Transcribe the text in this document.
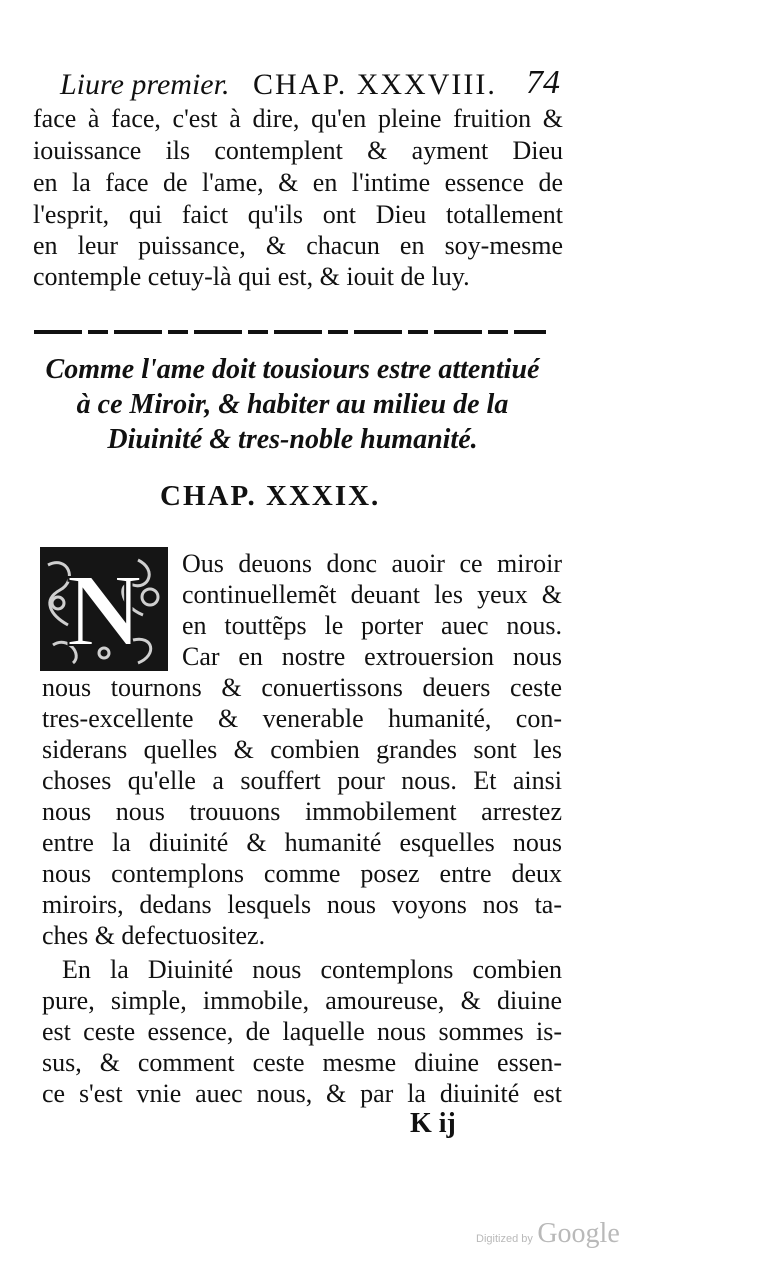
Liure premier. CHAP. XXXVIII. 74
face à face, c'est à dire, qu'en pleine fruition &
iouissance ils contemplent & ayment Dieu
en la face de l'ame, & en l'intime essence de
l'esprit, qui faict qu'ils ont Dieu totallement
en leur puissance, & chacun en soy-mesme
contemple cetuy-là qui est, & iouit de luy.
Comme l'ame doit tousiours estre attentiué
à ce Miroir, & habiter au milieu de la
Diuinité & tres-noble humanité.
CHAP. XXXIX.
N Ous deuons donc auoir ce miroir
continuellemẽt deuant les yeux &
en touttẽps le porter auec nous.
Car en nostre extrouersion nous
nous tournons & conuertissons deuers ceste
tres-excellente & venerable humanité, con-
siderans quelles & combien grandes sont les
choses qu'elle a souffert pour nous. Et ainsi
nous nous trouuons immobilement arrestez
entre la diuinité & humanité esquelles nous
nous contemplons comme posez entre deux
miroirs, dedans lesquels nous voyons nos ta-
ches & defectuositez.
En la Diuinité nous contemplons combien
pure, simple, immobile, amoureuse, & diuine
est ceste essence, de laquelle nous sommes is-
sus, & comment ceste mesme diuine essen-
ce s'est vnie auec nous, & par la diuinité est
K ij
Digitized by Google
